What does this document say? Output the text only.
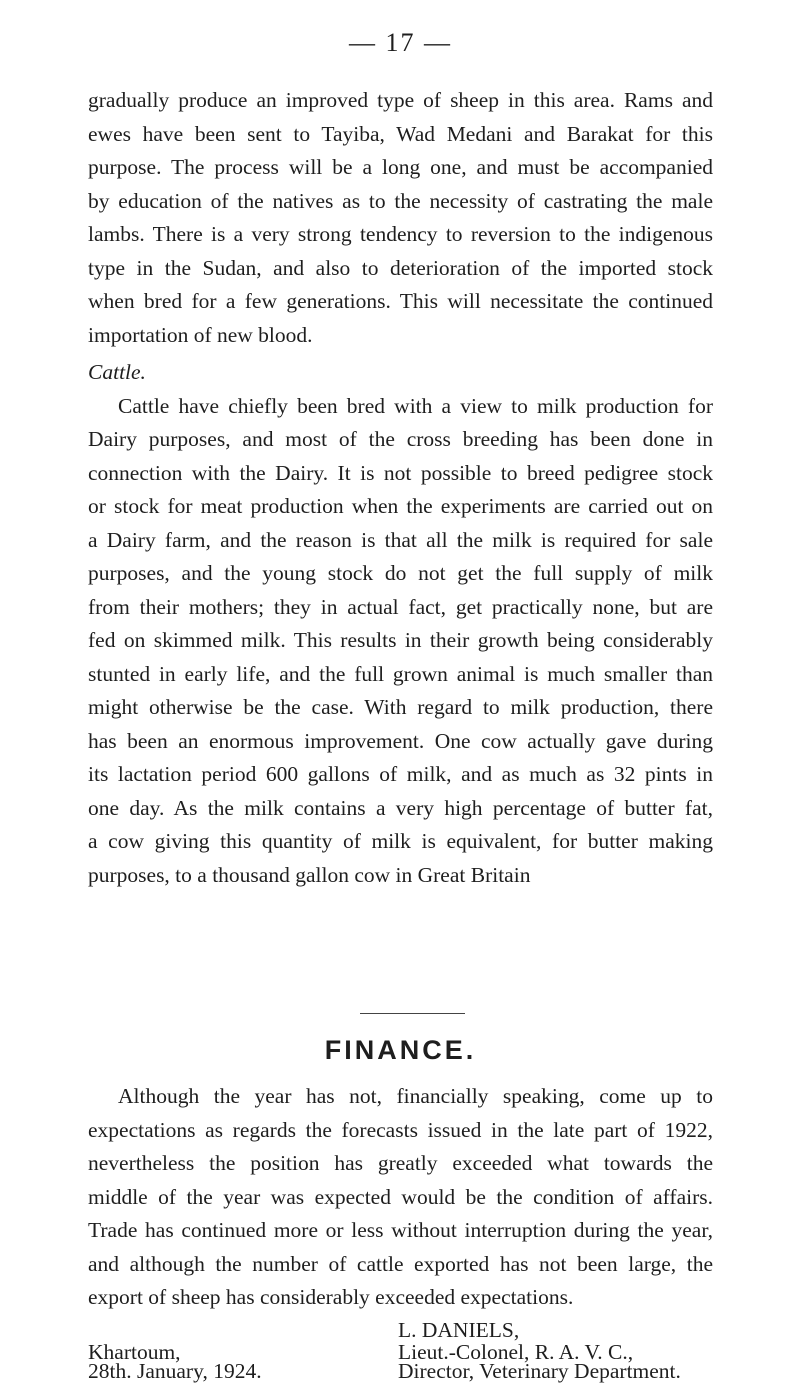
— 17 —

gradually produce an improved type of sheep in this area. Rams and

ewes have been sent to Tayiba, Wad Medani and Barakat for this

purpose. The process will be a long one, and must be accompanied

by education of the natives as to the necessity of castrating the male

lambs. There is a very strong tendency to reversion to the indigenous

type in the Sudan, and also to deterioration of the imported stock

when bred for a few generations. This will necessitate the continued

importation of new blood.

Cattle.

Cattle have chiefly been bred with a view to milk production for

Dairy purposes, and most of the cross breeding has been done in

connection with the Dairy. It is not possible to breed pedigree stock

or stock for meat production when the experiments are carried out on

a Dairy farm, and the reason is that all the milk is required for sale

purposes, and the young stock do not get the full supply of milk

from their mothers; they in actual fact, get practically none, but are

fed on skimmed milk. This results in their growth being considerably

stunted in early life, and the full grown animal is much smaller than

might otherwise be the case. With regard to milk production, there

has been an enormous improvement. One cow actually gave during

its lactation period 600 gallons of milk, and as much as 32 pints in

one day. As the milk contains a very high percentage of butter fat,

a cow giving this quantity of milk is equivalent, for butter making

purposes, to a thousand gallon cow in Great Britain

FINANCE.

Although the year has not, financially speaking, come up to

expectations as regards the forecasts issued in the late part of 1922,

nevertheless the position has greatly exceeded what towards the

middle of the year was expected would be the condition of affairs.

Trade has continued more or less without interruption during the year,

and although the number of cattle exported has not been large, the

export of sheep has considerably exceeded expectations.

L. DANIELS,
Khartoum,	Lieut.-Colonel, R. A. V. C.,
28th. January, 1924.	Director, Veterinary Department.
